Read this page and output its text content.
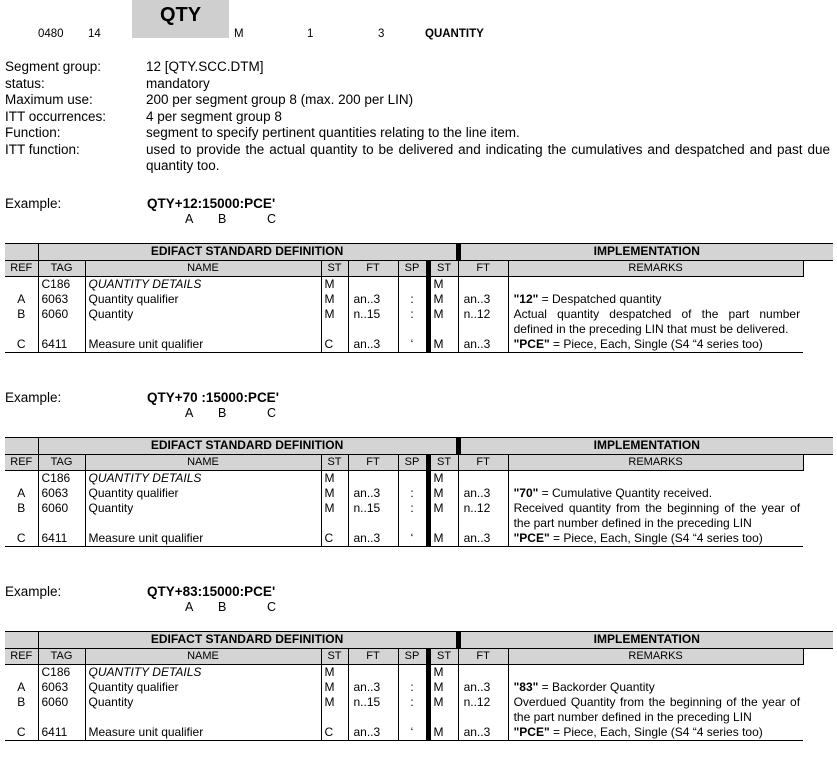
QTY
0480 14	M	1	3	QUANTITY
Segment group:	12 [QTY.SCC.DTM]
status:	mandatory
Maximum use:	200 per segment group 8 (max. 200 per LIN)
ITT occurrences:	4 per segment group 8
Function:	segment to specify pertinent quantities relating to the line item.
ITT function:	used to provide the actual quantity to be delivered and indicating the cumulatives and despatched and past due quantity too.
Example:	QTY+12:15000:PCE'
A B	C
	EDIFACT STANDARD DEFINITION						IMPLEMENTATION	
REF	TAG	NAME	ST	FT	SP	ST	FT	REMARKS
	C186	QUANTITY DETAILS	M			M		
A	6063	Quantity qualifier	M	an..3	:	M	an..3	"12" = Despatched quantity
B	6060	Quantity	M	n..15	:	M	n..12	Actual quantity despatched of the part number defined in the preceding LIN that must be delivered.
C	6411	Measure unit qualifier	C	an..3	‘	M	an..3	"PCE" = Piece, Each, Single (S4 “4 series too)
Example:	QTY+70 :15000:PCE'
A B	C
	EDIFACT STANDARD DEFINITION						IMPLEMENTATION	
REF	TAG	NAME	ST	FT	SP	ST	FT	REMARKS
	C186	QUANTITY DETAILS	M			M		
A	6063	Quantity qualifier	M	an..3	:	M	an..3	"70" = Cumulative Quantity received.
B	6060	Quantity	M	n..15	:	M	n..12	Received quantity from the beginning of the year of the part number defined in the preceding LIN
C	6411	Measure unit qualifier	C	an..3	‘	M	an..3	"PCE" = Piece, Each, Single (S4 “4 series too)
Example:	QTY+83:15000:PCE'
A B	C
	EDIFACT STANDARD DEFINITION						IMPLEMENTATION	
REF	TAG	NAME	ST	FT	SP	ST	FT	REMARKS
	C186	QUANTITY DETAILS	M			M		
A	6063	Quantity qualifier	M	an..3	:	M	an..3	"83" = Backorder Quantity
B	6060	Quantity	M	n..15	:	M	n..12	Overdued Quantity from the beginning of the year of the part number defined in the preceding LIN
C	6411	Measure unit qualifier	C	an..3	‘	M	an..3	"PCE" = Piece, Each, Single (S4 “4 series too)
